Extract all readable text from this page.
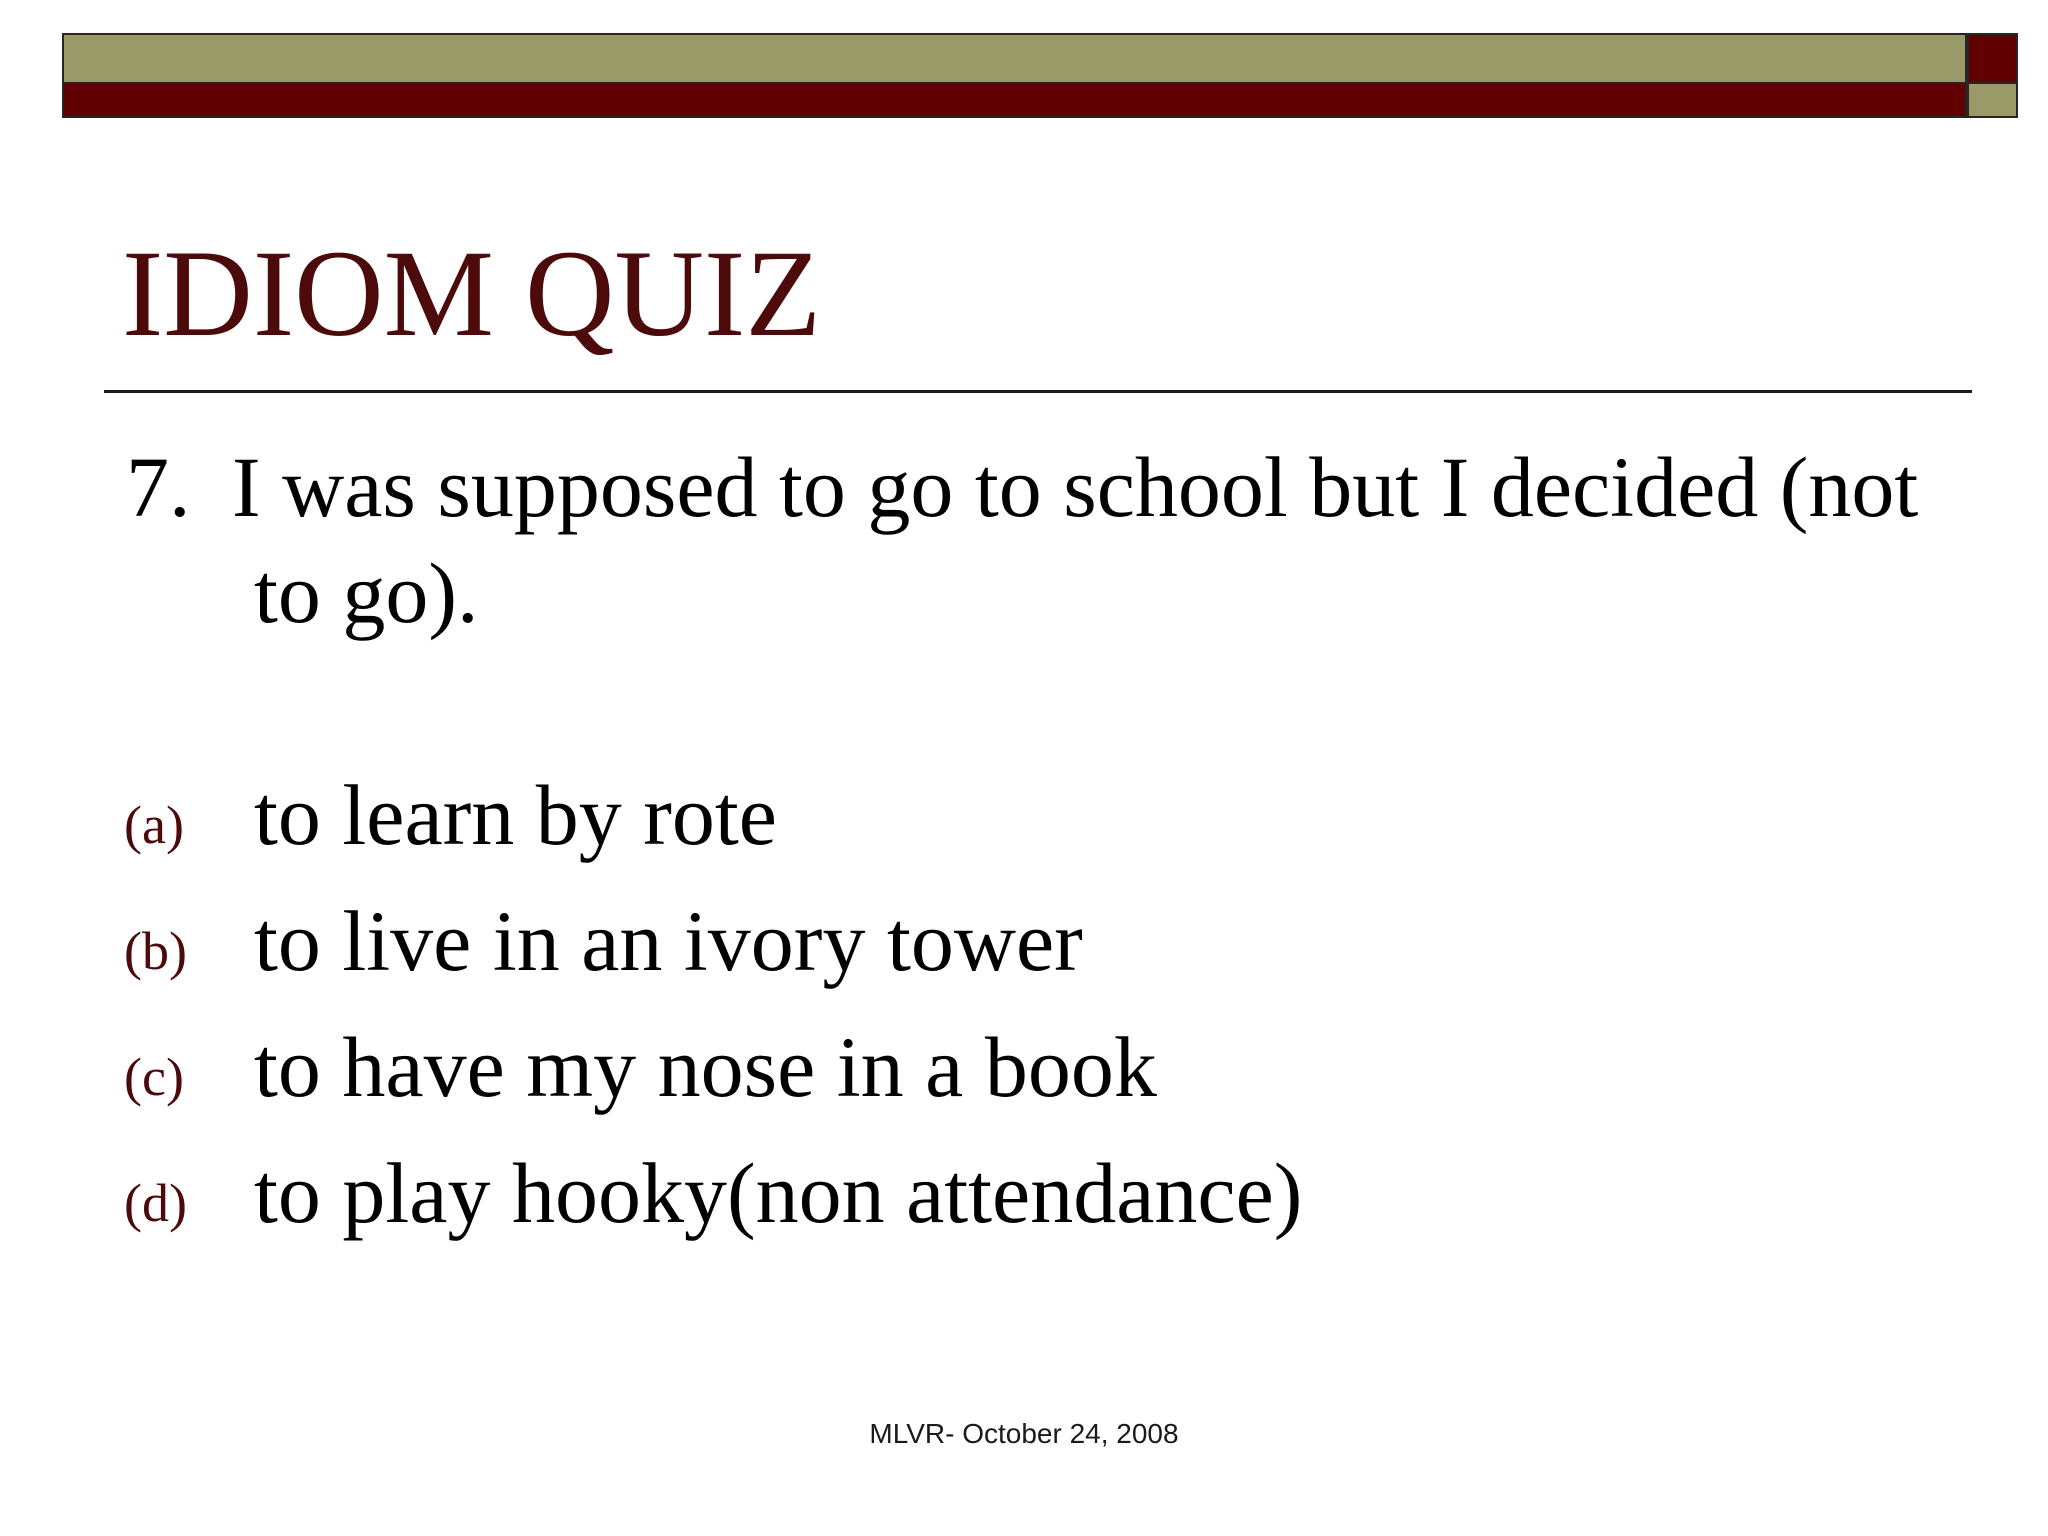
IDIOM QUIZ
7. I was supposed to go to school but I decided (not to go).
(a) to learn by rote
(b) to live in an ivory tower
(c) to have my nose in a book
(d) to play hooky(non attendance)
MLVR- October 24, 2008
